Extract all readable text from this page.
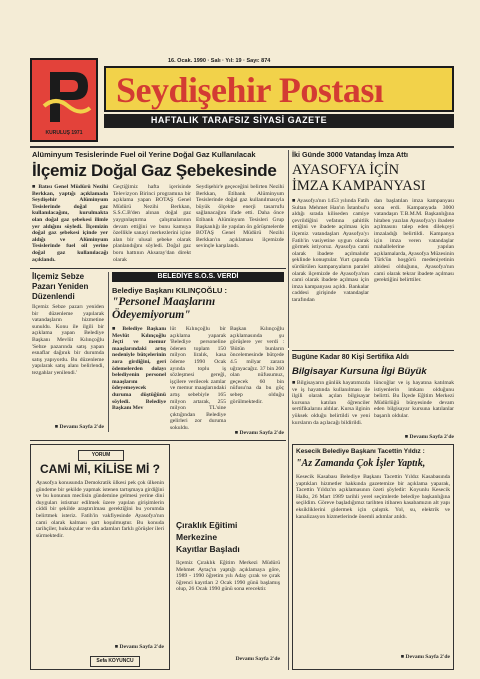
KURULUŞ 1971
16. Ocak. 1990 · Salı · Yıl: 19 · Sayı: 874
Seydişehir Postası
HAFTALIK TARAFSIZ SİYASİ GAZETE
Alüminyum Tesislerinde Fuel oil Yerine Doğal Gaz Kullanılacak
İlçemiz Doğal Gaz Şebekesinde
■ Batısı Genel Müdürü Nezihi Berkkan, yaptığı açıklamada Seydişehir Alüminyum Tesislerinde doğal gaz kullanılacağını, kurulmakta olan doğal gaz şebekesi ilimle yer aldığını söyledi. İlçemizin doğal gaz şebekesi içinde yer aldığı ve Alüminyum Tesislerinde fuel oil yerine doğal gaz kullanılacağı açıklandı.
Geçtiğimiz hafta içerisinde Televizyon Birinci programına bir açıklama yapan BOTAŞ Genel Müdürü Nezihi Berkkan, S.S.C.B'den alınan doğal gaz yaygınlaştırma çalışmalarının devam ettiğini ve bunu kamuya özellikle sanayi merkezlerini içine alan bir ulusal şebeke olarak planlandığını söyledi. Doğal gaz boru hattının Aksaray'dan direkt olarak
Seydişehir'e geçeceğini belirten Nezihi Berkkan, Etibank Alüminyum Tesislerinde doğal gaz kullanılmasıyla büyük ölçekte enerji tasarrufu sağlanacağını ifade etti. Daha önce Etibank Alüminyum Tesisleri Grup Başkanlığı ile yapılan ön görüşmelerde BOTAŞ Genel Müdürü Nezihi Berkkan'ın açıklaması ilçemizde sevinçle karşılandı.
İki Günde 3000 Vatandaş İmza Attı
AYASOFYA İÇİN
İMZA KAMPANYASI
■ Ayasofya'nın 1453 yılında Fatih Sultan Mehmet Han'ın İstanbul'u aldığı sırada kiliseden camiye çevrildiğini vefatına şahitlik ettiğini ve ibadete açılması için ilçemiz vatandaşları Ayasofya'yı Fatih'in vasiyetine uygun olarak görmek istiyoruz. Ayasofya cami olarak ibadete açılmalıdır şeklinde konuştular. Yurt çapında sürdürülen kampanyaların paralel olarak ilçemizde de Ayasofya'nın cami olarak ibadete açılması için imza kampanyası açıldı. Bankalar caddesi girişinde vatandaşlar tarafından
dan başlatılan imza kampanyası sona erdi. Kampanyada 3000 vatandaşın T.B.M.M. Başkanlığına hitaben yazılan Ayasofya'yı ibadete açılmasını talep eden dilekçeyi imzaladığı belirtildi. Kampanya için imza veren vatandaşlar mahallelerine yapılan açıklamalarda, Ayasofya Müzesinin Türk'ün hoşgörü medeniyetinin abidesi olduğunu, Ayasofya'nın cami olarak tekrar ibadete açılması gerektiğini belirttiler.
İlçemiz Sebze Pazarı Yeniden Düzenlendi
İlçemiz Sebze pazarı yeniden bir düzenleme yapılarak vatandaşların hizmetine sunuldu. Konu ile ilgili bir açıklama yapan Belediye Başkanı Mevlüt Kılınçoğlu 'Sebze pazarında satış yapan esnaflar dağınık bir durumda satış yapıyordu. Bu düzenleme yapılarak satış alanı belirlendi, tezgahlar yenilendi.'
■ Devamı Sayfa 2'de
BELEDİYE S.O.S. VERDİ
Belediye Başkanı KILINÇOĞLU :
"Personel Maaşlarını
Ödeyemiyorum"
■ Belediye Başkanı Mevlüt Kılınçoğlu Jeçti ve memur maaşlarındaki artış nedeniyle bütçelerinin zora girdiğini, geri ödemelerden dolayı belediyenin personel maaşlarını ödeyemeyecek duruma düştüğünü söyledi. Belediye Başkanı Mev
lüt Kılınçoğlu bir açıklama yaparak 'Belediye personeline ödenen toplam 150 milyon liralık, kasa ödeme 1990 Ocak ayında toplu iş sözleşmesi gereği, işçilere verilecek zamlar ve memur maaşlarındaki artış sebebiyle 165 milyon artarak, 255 milyon TL'sine çıktığından Belediye gelirleri zor duruma sokuldu.
Başkan Kılınçoğlu açıklamasında şu görüşlere yer verdi : 'Bütün bunların öncelemesinde bütçede 4.5 milyar zarara uğrayacağız. 37 bin 260 olan nüfusumuz, geçecek 60 bin nüfusu'na da bu göç sebep olduğu görülmektedir.
■ Devamı Sayfa 2'de
YORUM
CAMİ Mİ, KİLİSE Mİ ?
Ayasofya konusunda Demokratik ülkesi pek çok ülkenin gündeme bir şekilde yapmak istenen tartışmaya girdiğini ve bu konunun meclisin gündemine gelmesi yerine dini duyguları istismar edilmek üzere yapılan girişimlerin ciddi bir şekilde araştırılması gerektiğini bu yorumda belirtmek isteriz. Fatih'in vakfiyesinde Ayasofya'nın cami olarak kalması şart koşulmuştur. Bu konuda tarihçiler, hukukçular ve din adamları farklı görüşler ileri sürmektedir.
■ Devamı Sayfa 2'de
Sefa KOYUNCU
Çıraklık Eğitimi
Merkezine
Kayıtlar Başladı
İlçemiz Çıraklık Eğitim Merkezi Müdürü Mehmet Aytaç'ın yaptığı açıklamaya göre, 1989 - 1990 öğretim yılı Aday çırak ve çırak öğrenci kayıtları 2 Ocak 1990 günü başlamış olup, 26 Ocak 1990 günü sona erecektir.
Devamı Sayfa 2'de
Bugüne Kadar 80 Kişi Sertifika Aldı
Bilgisayar Kursuna İlgi Büyük
■ Bilgisayarın günlük hayatımızda ve iş hayatında kullanılması ile ilgili olarak açılan bilgisayar kursuna katılan öğrenciler sertifikalarını aldılar. Kursa ilginin yüksek olduğu belirtildi ve yeni kursların da açılacağı bildirildi.
lüncoğlar ve iş hayatına katılmak istiyenlerin imkanı olduğunu belirtti. Bu İlçede Eğitim Merkezi Müdürlüğü bünyesinde devam eden bilgisayar kursuna katılanlar başarılı oldular.
■ Devamı Sayfa 2'de
Kesecik Belediye Başkanı Tacettin Yıldız :
"Az Zamanda Çok İşler Yaptık,
Kesecik Kasabası Belediye Başkanı Tacettin Yıldız Kasabasında yaptıkları hizmetler hakkında gazetemize bir açıklama yaparak, Tacettin Yıldız'ın açıklamasının özeti şöyledir: Koyunlu Kesecik Halkı, 26 Mart 1989 tarihli yerel seçimlerde belediye başkanlığına seçildim. Göreve başladığımız tarihten itibaren kasabamızın alt yapı eksikliklerini gidermek için çalıştık. Yol, su, elektrik ve kanalizasyon hizmetlerinde önemli adımlar atıldı.
■ Devamı Sayfa 2'de
